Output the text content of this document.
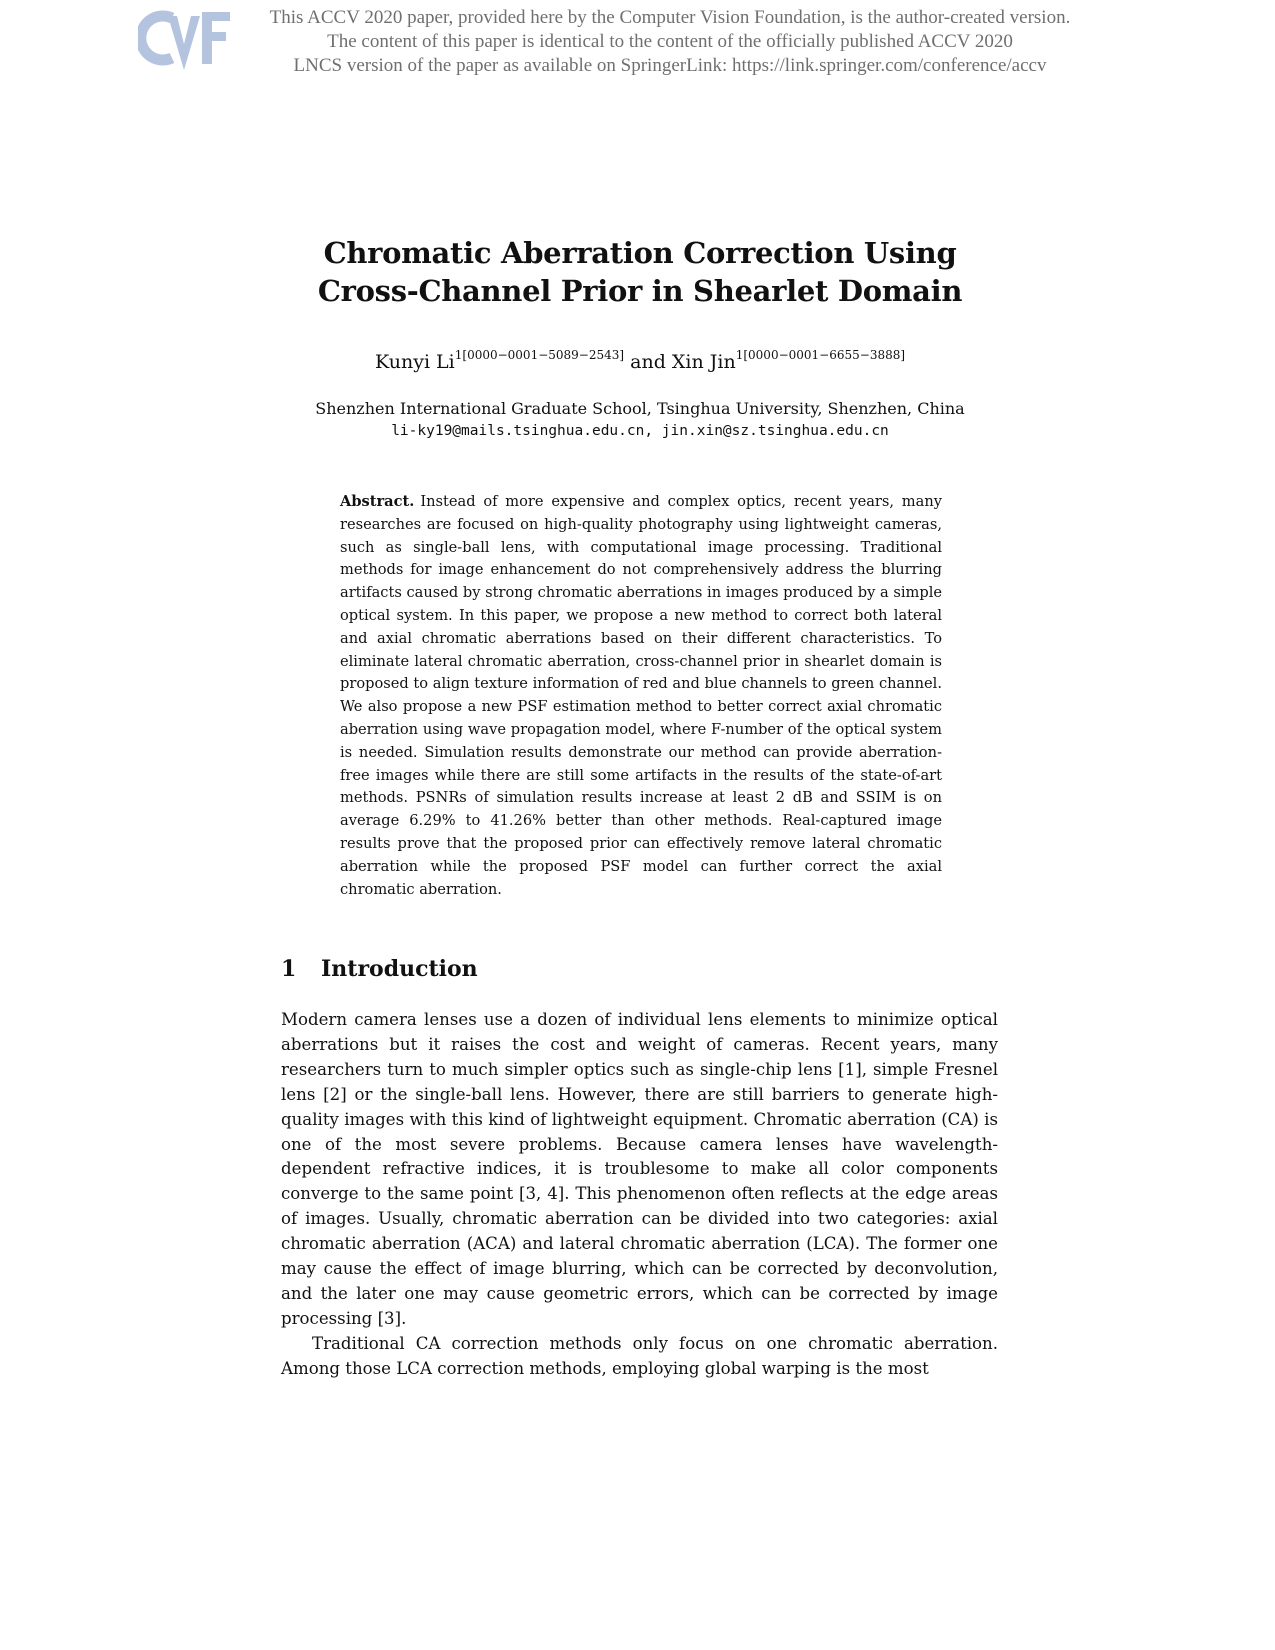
This ACCV 2020 paper, provided here by the Computer Vision Foundation, is the author-created version.
The content of this paper is identical to the content of the officially published ACCV 2020
LNCS version of the paper as available on SpringerLink: https://link.springer.com/conference/accv
Chromatic Aberration Correction Using
Cross-Channel Prior in Shearlet Domain
Kunyi $Li^{1[0000-0001-5089-2543]}$ and Xin Jin$^{1[0000-0001-6655-3888]}$
Shenzhen International Graduate School, Tsinghua University, Shenzhen, China
li-ky19@mails.tsinghua.edu.cn, jin.xin@sz.tsinghua.edu.cn
Abstract. Instead of more expensive and complex optics, recent years, many researches are focused on high-quality photography using lightweight cameras, such as single-ball lens, with computational image processing. Traditional methods for image enhancement do not comprehensively address the blurring artifacts caused by strong chromatic aberrations in images produced by a simple optical system. In this paper, we propose a new method to correct both lateral and axial chromatic aberrations based on their different characteristics. To eliminate lateral chromatic aberration, cross-channel prior in shearlet domain is proposed to align texture information of red and blue channels to green channel. We also propose a new PSF estimation method to better correct axial chromatic aberration using wave propagation model, where F-number of the optical system is needed. Simulation results demonstrate our method can provide aberration-free images while there are still some artifacts in the results of the state-of-art methods. PSNRs of simulation results increase at least 2 dB and SSIM is on average 6.29% to 41.26% better than other methods. Real-captured image results prove that the proposed prior can effectively remove lateral chromatic aberration while the proposed PSF model can further correct the axial chromatic aberration.
1 Introduction

Modern camera lenses use a dozen of individual lens elements to minimize optical aberrations but it raises the cost and weight of cameras. Recent years, many researchers turn to much simpler optics such as single-chip lens [1], simple Fresnel lens [2] or the single-ball lens. However, there are still barriers to generate high-quality images with this kind of lightweight equipment. Chromatic aberration (CA) is one of the most severe problems. Because camera lenses have wavelength-dependent refractive indices, it is troublesome to make all color components converge to the same point [3, 4]. This phenomenon often reflects at the edge areas of images. Usually, chromatic aberration can be divided into two categories: axial chromatic aberration (ACA) and lateral chromatic aberration (LCA). The former one may cause the effect of image blurring, which can be corrected by deconvolution, and the later one may cause geometric errors, which can be corrected by image processing [3].

Traditional CA correction methods only focus on one chromatic aberration. Among those LCA correction methods, employing global warping is the most
